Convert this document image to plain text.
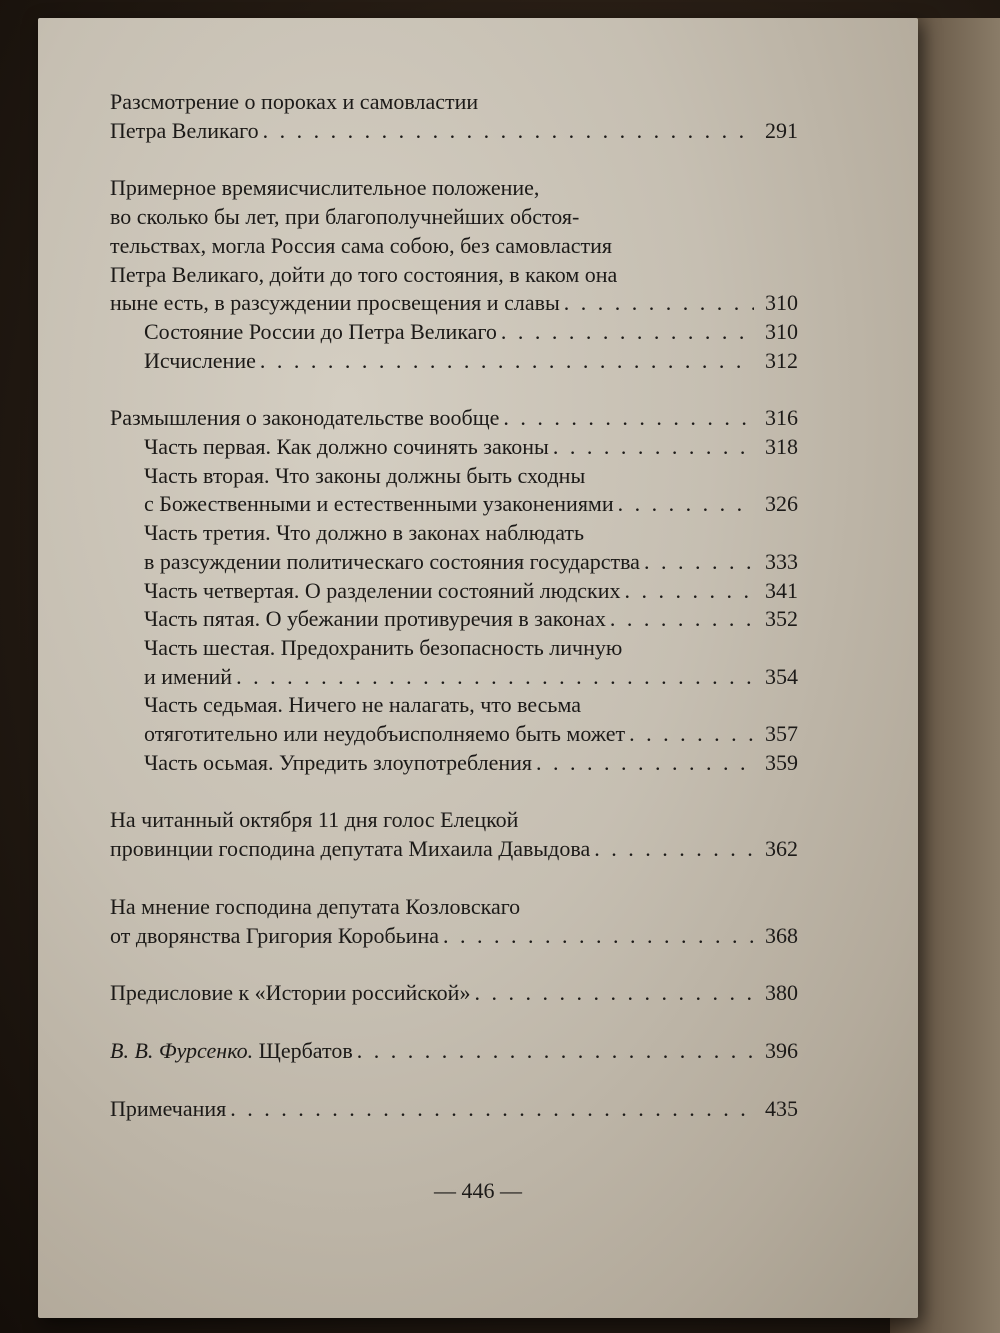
— 446 —
Разсмотрение о пороках и самовластии
Петра Великаго . . .	291
Примерное времяисчислительное положение,
во сколько бы лет, при благополучнейших обстоя-
тельствах, могла Россия сама собою, без самовластия
Петра Великаго, дойти до того состояния, в каком она
ныне есть, в разсуждении просвещения и славы . . .	310
Состояние России до Петра Великаго . . .	310
Исчисление . . .	312
Размышления о законодательстве вообще . . .	316
Часть первая. Как должно сочинять законы . . .	318
Часть вторая. Что законы должны быть сходны
с Божественными и естественными узаконениями . . .	326
Часть третия. Что должно в законах наблюдать
в разсуждении политическаго состояния государства . . .	333
Часть четвертая. О разделении состояний людских . . .	341
Часть пятая. О убежании противуречия в законах . . .	352
Часть шестая. Предохранить безопасность личную
и имений . . .	354
Часть седьмая. Ничего не налагать, что весьма
отяготительно или неудобъисполняемо быть может . . .	357
Часть осьмая. Упредить злоупотребления . . .	359
На читанный октября 11 дня голос Елецкой
провинции господина депутата Михаила Давыдова . . .	362
На мнение господина депутата Козловскаго
от дворянства Григория Коробьина . . .	368
Предисловие к «Истории российской» . . .	380
В. В. Фурсенко. Щербатов . . .	396
Примечания . . .	435
